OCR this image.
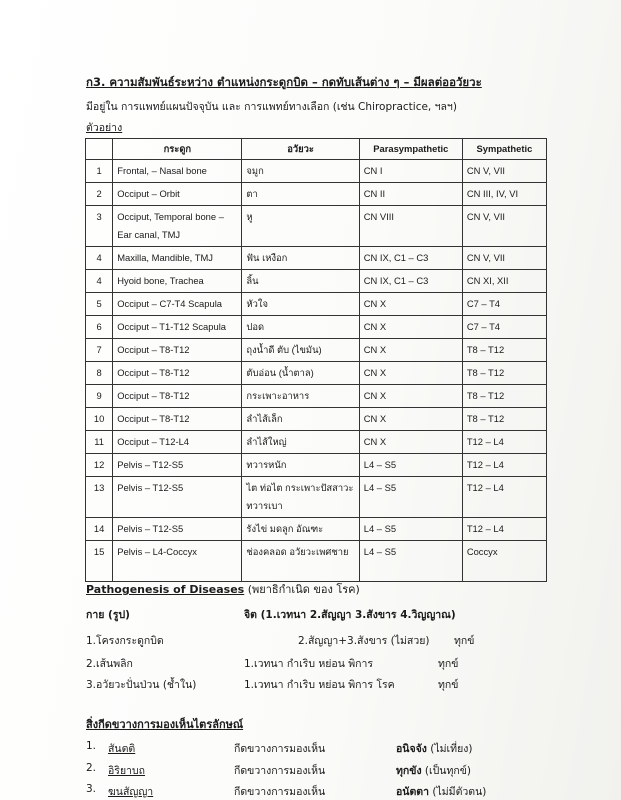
ก3. ความสัมพันธ์ระหว่าง ตำแหน่งกระดูกบิด – กดทับเส้นต่าง ๆ – มีผลต่ออวัยวะ
มีอยู่ใน การแพทย์แผนปัจจุบัน และ การแพทย์ทางเลือก (เช่น Chiropractice, ฯลฯ)
ตัวอย่าง
	กระดูก	อวัยวะ	Parasympathetic	Sympathetic
1	Frontal, – Nasal bone	จมูก	CN I	CN V, VII
2	Occiput – Orbit	ตา	CN II	CN III, IV, VI
3	Occiput, Temporal bone – Ear canal, TMJ	หู	CN VIII	CN V, VII
4	Maxilla, Mandible, TMJ	ฟัน เหงือก	CN IX, C1 – C3	CN V, VII
4	Hyoid bone, Trachea	ลิ้น	CN IX, C1 – C3	CN XI, XII
5	Occiput – C7-T4 Scapula	หัวใจ	CN X	C7 – T4
6	Occiput – T1-T12 Scapula	ปอด	CN X	C7 – T4
7	Occiput – T8-T12	ถุงน้ำดี ตับ (ไขมัน)	CN X	T8 – T12
8	Occiput – T8-T12	ตับอ่อน (น้ำตาล)	CN X	T8 – T12
9	Occiput – T8-T12	กระเพาะอาหาร	CN X	T8 – T12
10	Occiput – T8-T12	ลำไส้เล็ก	CN X	T8 – T12
11	Occiput – T12-L4	ลำไส้ใหญ่	CN X	T12 – L4
12	Pelvis – T12-S5	ทวารหนัก	L4 – S5	T12 – L4
13	Pelvis – T12-S5	ไต ท่อไต กระเพาะปัสสาวะ ทวารเบา	L4 – S5	T12 – L4
14	Pelvis – T12-S5	รังไข่ มดลูก อัณฑะ	L4 – S5	T12 – L4
15	Pelvis – L4-Coccyx	ช่องคลอด อวัยวะเพศชาย	L4 – S5	Coccyx
Pathogenesis of Diseases (พยาธิกำเนิด ของ โรค)
กาย (รูป)	จิต (1.เวทนา 2.สัญญา 3.สังขาร 4.วิญญาณ)
1.โครงกระดูกบิด	2.สัญญา+3.สังขาร (ไม่สวย) ทุกข์
2.เส้นพลิก	1.เวทนา กำเริบ หย่อน พิการ	ทุกข์
3.อวัยวะปั่นป่วน (ช้ำใน)	1.เวทนา กำเริบ หย่อน พิการ โรค	ทุกข์
สิ่งกีดขวางการมองเห็นไตรลักษณ์
1. สันตติ	กีดขวางการมองเห็น	อนิจจัง (ไม่เที่ยง)
2. อิริยาบถ	กีดขวางการมองเห็น	ทุกขัง (เป็นทุกข์)
3. ฆนสัญญา	กีดขวางการมองเห็น	อนัตตา (ไม่มีตัวตน)
